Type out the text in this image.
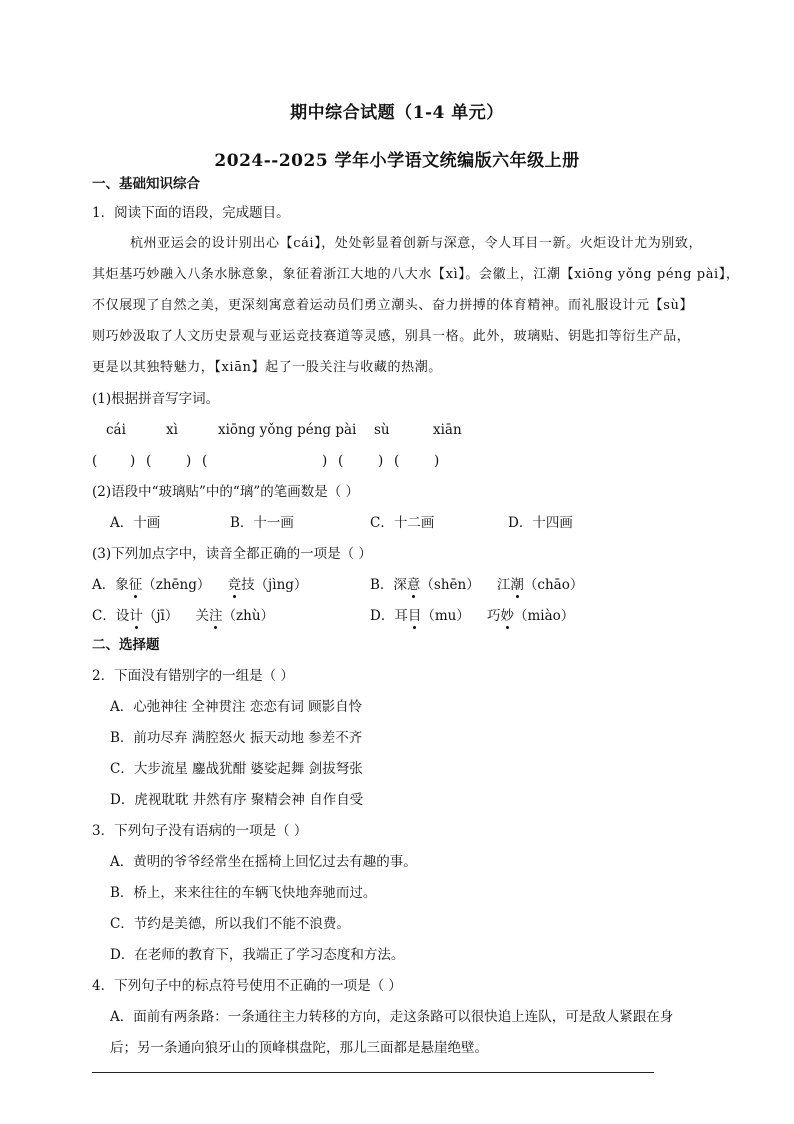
期中综合试题（1-4 单元）
2024--2025 学年小学语文统编版六年级上册
一、基础知识综合
1．阅读下面的语段，完成题目。
杭州亚运会的设计别出心【cái】，处处彰显着创新与深意，令人耳目一新。火炬设计尤为别致，
其炬基巧妙融入八条水脉意象，象征着浙江大地的八大水【xì】。会徽上，江潮【xiōng yǒng péng pài】，
不仅展现了自然之美，更深刻寓意着运动员们勇立潮头、奋力拼搏的体育精神。而礼服设计元【sù】
则巧妙汲取了人文历史景观与亚运竞技赛道等灵感，别具一格。此外，玻璃贴、钥匙扣等衍生产品，
更是以其独特魅力，【xiān】起了一股关注与收藏的热潮。
(1)根据拼音写字词。
cái	xì	xiōng yǒng péng pài sù	xiān
( ) (	) (	) (	) (	)
(2)语段中“玻璃贴”中的“璃”的笔画数是（ ）
A．十画	B．十一画	C．十二画	D．十四画
(3)下列加点字中，读音全都正确的一项是（ ）
A．象征（zhēng） 竞技（jìng）	B．深意（shēn） 江潮（chāo）
C．设计（jī） 关注（zhù）	D．耳目（mu） 巧妙（miào）
二、选择题
2．下面没有错别字的一组是（ ）
A．心弛神往 全神贯注 恋恋有词 顾影自怜
B．前功尽弃 满腔怒火 振天动地 参差不齐
C．大步流星 鏖战犹酣 婆娑起舞 剑拔弩张
D．虎视耽耽 井然有序 聚精会神 自作自受
3．下列句子没有语病的一项是（ ）
A．黄明的爷爷经常坐在摇椅上回忆过去有趣的事。
B．桥上，来来往往的车辆飞快地奔驰而过。
C．节约是美德，所以我们不能不浪费。
D．在老师的教育下，我端正了学习态度和方法。
4．下列句子中的标点符号使用不正确的一项是（ ）
A．面前有两条路：一条通往主力转移的方向，走这条路可以很快追上连队，可是敌人紧跟在身
后；另一条通向狼牙山的顶峰棋盘陀，那儿三面都是悬崖绝壁。
